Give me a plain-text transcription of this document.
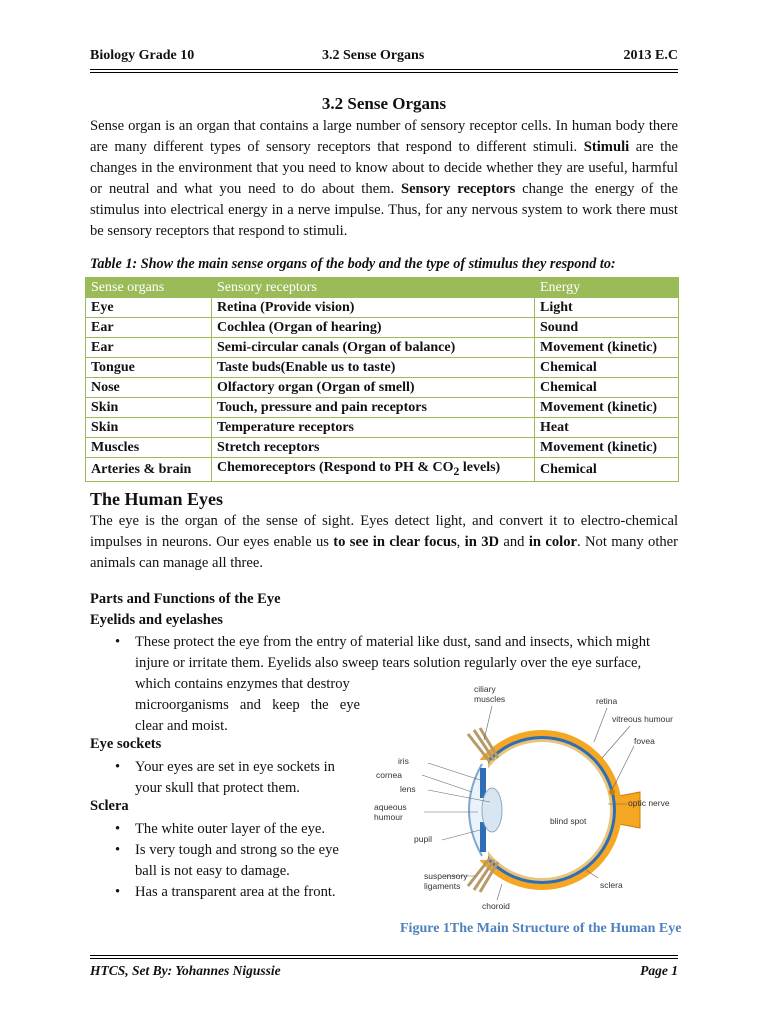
Biology Grade 10	3.2 Sense Organs	2013 E.C
3.2 Sense Organs
Sense organ is an organ that contains a large number of sensory receptor cells. In human body there are many different types of sensory receptors that respond to different stimuli. Stimuli are the changes in the environment that you need to know about to decide whether they are useful, harmful or neutral and what you need to do about them. Sensory receptors change the energy of the stimulus into electrical energy in a nerve impulse. Thus, for any nervous system to work there must be sensory receptors that respond to stimuli.
Table 1: Show the main sense organs of the body and the type of stimulus they respond to:
Sense organs	Sensory receptors	Energy
Eye	Retina (Provide vision)	Light
Ear	Cochlea (Organ of hearing)	Sound
Ear	Semi-circular canals (Organ of balance)	Movement (kinetic)
Tongue	Taste buds(Enable us to taste)	Chemical
Nose	Olfactory organ (Organ of smell)	Chemical
Skin	Touch, pressure and pain receptors	Movement (kinetic)
Skin	Temperature receptors	Heat
Muscles	Stretch receptors	Movement (kinetic)
Arteries & brain	Chemoreceptors (Respond to PH & $CO_2$ levels)	Chemical
The Human Eyes
The eye is the organ of the sense of sight. Eyes detect light, and convert it to electro-chemical impulses in neurons. Our eyes enable us to see in clear focus, in 3D and in color. Not many other animals can manage all three.
Parts and Functions of the Eye
Eyelids and eyelashes
• These protect the eye from the entry of material like dust, sand and insects, which might
injure or irritate them. Eyelids also sweep tears solution regularly over the eye surface,
which contains enzymes that destroy
microorganisms and keep the eye
clear and moist.
Eye sockets
• Your eyes are set in eye sockets in
your skull that protect them.
Sclera
• The white outer layer of the eye.
• Is very tough and strong so the eye
ball is not easy to damage.
• Has a transparent area at the front.
ciliary
muscles	retina
vitreous humour
fovea
iris
cornea
lens
aqueous
humour
optic nerve
blind spot
pupil
suspensory
ligaments	sclera
choroid
Figure 1The Main Structure of the Human Eye
HTCS, Set By: Yohannes Nigussie	Page 1
